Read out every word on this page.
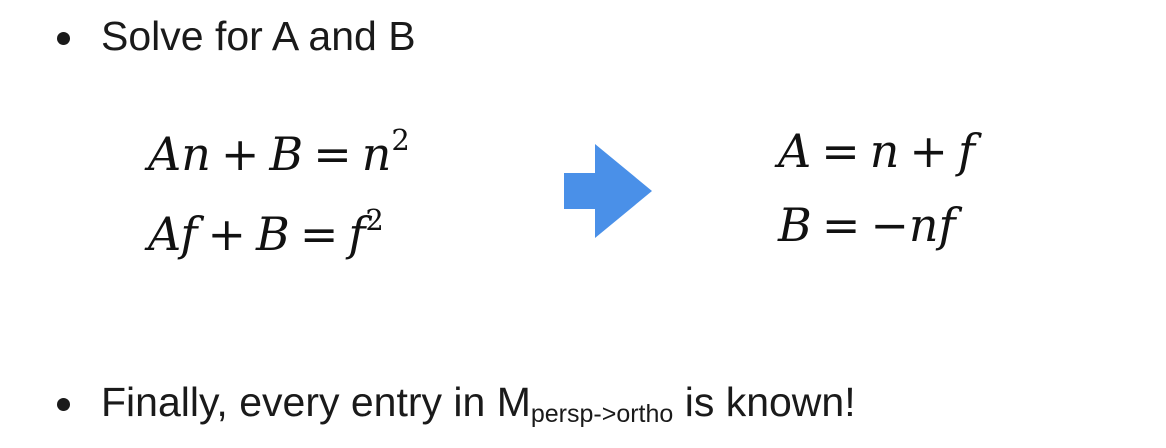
Solve for A and B
$An + B = n^2$
$Af + B = f^2$
A = n + f
B = −nf
Finally, every entry in $M_{persp->ortho}$ is known!
